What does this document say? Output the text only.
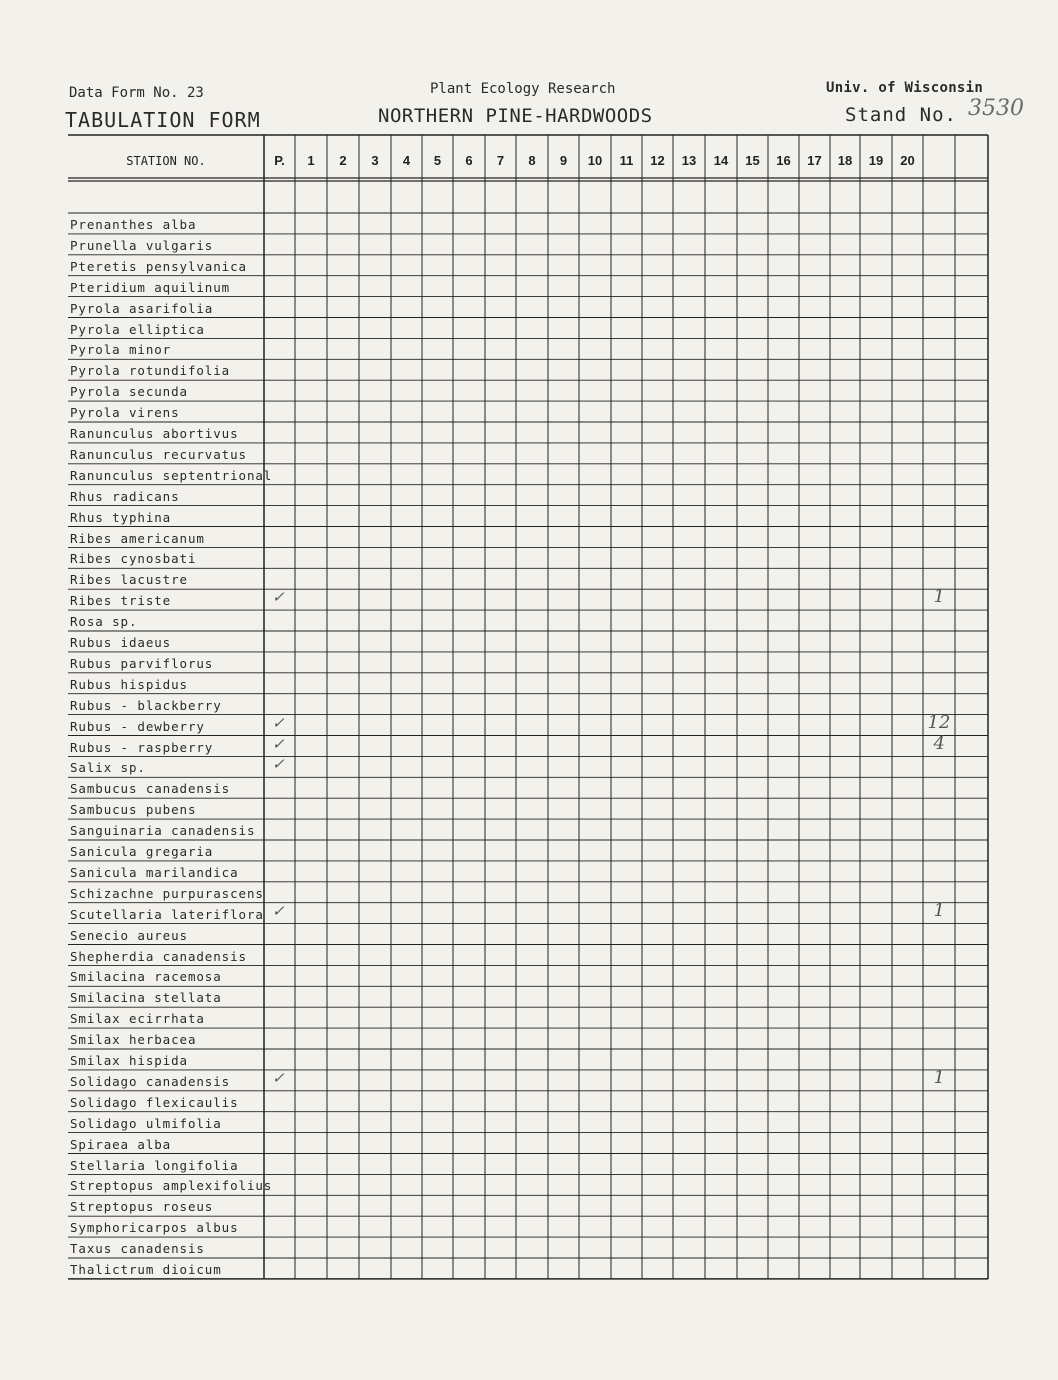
Data Form No. 23	Plant Ecology Research	Univ. of Wisconsin
TABULATION FORM	NORTHERN PINE-HARDWOODS	Stand No. 3530
STATION NO.	P. 1 2 3 4 5 6 7 8 9 10 11 12 13 14 15 16 17 18 19 20
Prenanthes alba
Prunella vulgaris
Pteretis pensylvanica
Pteridium aquilinum
Pyrola asarifolia
Pyrola elliptica
Pyrola minor
Pyrola rotundifolia
Pyrola secunda
Pyrola virens
Ranunculus abortivus
Ranunculus recurvatus
Ranunculus septentrional
Rhus radicans
Rhus typhina
Ribes americanum
Ribes cynosbati
Ribes lacustre
Ribes triste	✓	1
Rosa sp.
Rubus idaeus
Rubus parviflorus
Rubus hispidus
Rubus - blackberry
Rubus - dewberry	✓	12
Rubus - raspberry	✓	4
Salix sp.	✓
Sambucus canadensis
Sambucus pubens
Sanguinaria canadensis
Sanicula gregaria
Sanicula marilandica
Schizachne purpurascens
Scutellaria lateriflora ✓	1
Senecio aureus
Shepherdia canadensis
Smilacina racemosa
Smilacina stellata
Smilax ecirrhata
Smilax herbacea
Smilax hispida
Solidago canadensis	✓	1
Solidago flexicaulis
Solidago ulmifolia
Spiraea alba
Stellaria longifolia
Streptopus amplexifolius
Streptopus roseus
Symphoricarpos albus
Taxus canadensis
Thalictrum dioicum
